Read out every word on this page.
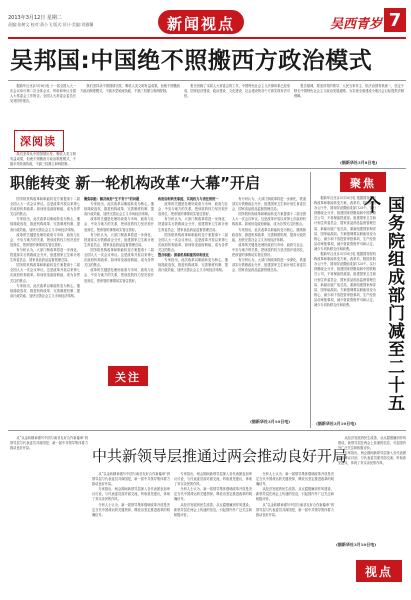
2013年3月12日 星期二
责编:张树文 校对:萧小飞 版式:设计·美编:刘雅馨	新闻视点	吴西青岁 7
吴邦国:中国绝不照搬西方政治模式

据新华社北京3月8日电 十一届全国人大一次会议举行第二次全体会议，听取和审议全国人大常委会工作报告。全国人大常委会委员长吴邦国作报告。

深阅读

我们坚持从中国国情出发，吸收人类文明有益成果，但绝不照搬西方政治制度模式，不搞多党轮流执政，不搞三权鼎立和两院制。

我们坚持从中国国情出发，吸收人类文明有益成果，但绝不照搬西方政治制度模式，不搞多党轮流执政，不搞三权鼎立和两院制。

报告回顾了本届人大常委会的工作，中国特色社会主义法律体系已经形成，国家经济建设、政治建设、文化建设、社会建设的各个方面实现有法可依。

报告强调，要坚持党的领导、人民当家作主、依法治国有机统一，坚定不移走中国特色社会主义政治发展道路，为实现全面建成小康社会目标提供法制保障。

(据新华社3月8日电)
职能转变 新一轮机构改革“大幕”开启

国务院机构改革和职能转变方案提请十二届全国人大一次会议审议。这是改革开放以来第七次政府机构改革。如何转变政府职能，成为各界关注的焦点。

专家指出，此次改革以职能转变为核心，继续简政放权、推进机构改革、完善制度机制、提高行政效能，加快完善社会主义市场经济体制。

改革的关键是处理好政府与市场、政府与社会、中央与地方的关系，把该放的权力坚决放开放到位，把该管的事情切实管住管好。

有分析认为，大部门制改革将进一步深化，铁道部实行铁路政企分开，组建国家卫生和计划生育委员会、国家食品药品监督管理总局。

国务院机构改革和职能转变方案提请十二届全国人大一次会议审议。这是改革开放以来第七次政府机构改革。如何转变政府职能，成为各界关注的焦点。

专家指出，此次改革以职能转变为核心，继续简政放权、推进机构改革、完善制度机制、提高行政效能，加快完善社会主义市场经济体制。

聚焦职能：解决政府“生不肯干”的问题

专家指出，此次改革以职能转变为核心，继续简政放权、推进机构改革、完善制度机制、提高行政效能，加快完善社会主义市场经济体制。

改革的关键是处理好政府与市场、政府与社会、中央与地方的关系，把该放的权力坚决放开放到位，把该管的事情切实管住管好。

有分析认为，大部门制改革将进一步深化，铁道部实行铁路政企分开，组建国家卫生和计划生育委员会、国家食品药品监督管理总局。

国务院机构改革和职能转变方案提请十二届全国人大一次会议审议。这是改革开放以来第七次政府机构改革。如何转变政府职能，成为各界关注的焦点。

改革的关键是处理好政府与市场、政府与社会、中央与地方的关系，把该放的权力坚决放开放到位，把该管的事情切实管住管好。

政府如何转变职能，实现权力与责任相统一

改革的关键是处理好政府与市场、政府与社会、中央与地方的关系，把该放的权力坚决放开放到位，把该管的事情切实管住管好。

有分析认为，大部门制改革将进一步深化，铁道部实行铁路政企分开，组建国家卫生和计划生育委员会、国家食品药品监督管理总局。

国务院机构改革和职能转变方案提请十二届全国人大一次会议审议。这是改革开放以来第七次政府机构改革。如何转变政府职能，成为各界关注的焦点。

整合职能：探索机构职能的结构优化

专家指出，此次改革以职能转变为核心，继续简政放权、推进机构改革、完善制度机制、提高行政效能，加快完善社会主义市场经济体制。

有分析认为，大部门制改革将进一步深化，铁道部实行铁路政企分开，组建国家卫生和计划生育委员会、国家食品药品监督管理总局。

国务院机构改革和职能转变方案提请十二届全国人大一次会议审议。这是改革开放以来第七次政府机构改革。如何转变政府职能，成为各界关注的焦点。

专家指出，此次改革以职能转变为核心，继续简政放权、推进机构改革、完善制度机制、提高行政效能，加快完善社会主义市场经济体制。

改革的关键是处理好政府与市场、政府与社会、中央与地方的关系，把该放的权力坚决放开放到位，把该管的事情切实管住管好。

有分析认为，大部门制改革将进一步深化，铁道部实行铁路政企分开，组建国家卫生和计划生育委员会、国家食品药品监督管理总局。

(据新华社3月10日电)
关注
聚焦

据新华社北京3月10日电 根据国务院机构改革和职能转变方案，改革后，除国务院办公厅外，国务院设置组成部门25个。实行铁路政企分开，组建国家铁路局和中国铁路总公司，不再保留铁道部。组建国家卫生和计划生育委员会、国家食品药品监督管理总局、新闻出版广电总局，重新组建国家海洋局、国家能源局。方案强调要以职能转变为核心，减少和下放投资审批事项、生产经营活动审批事项，减少资质资格许可和认定，减少专项转移支付和收费。

据新华社北京3月10日电 根据国务院机构改革和职能转变方案，改革后，除国务院办公厅外，国务院设置组成部门25个。实行铁路政企分开，组建国家铁路局和中国铁路总公司，不再保留铁道部。组建国家卫生和计划生育委员会、国家食品药品监督管理总局、新闻出版广电总局，重新组建国家海洋局、国家能源局。方案强调要以职能转变为核心，减少和下放投资审批事项、生产经营活动审批事项，减少资质资格许可和认定，减少专项转移支付和收费。	国务院组成部门减至二十五个
(据新华社3月10日电)

从“以金砖精神谱写中国与南非友好合作新篇章”到领导层与代表委员共商国是，新一届中共领导集体着力推动良好开局。	中共新领导层推通过两会推动良好开局

从“以金砖精神谱写中国与南非友好合作新篇章”到领导层与代表委员共商国是，新一届中共领导集体着力推动良好开局。

专家指出，两会期间新领导层深入各代表团参加审议讨论，与代表委员面对面交流，听取意见建议，体现了务实亲民的作风。

分析人士认为，新一届领导集体强调改革开放是决定当代中国命运的关键抉择，释放出坚定推进改革的明确信号。

专家指出，两会期间新领导层深入各代表团参加审议讨论，与代表委员面对面交流，听取意见建议，体现了务实亲民的作风。

分析人士认为，新一届领导集体强调改革开放是决定当代中国命运的关键抉择，释放出坚定推进改革的明确信号。

从经济发展到民生改善，从反腐倡廉到作风建设，新领导层在两会上传递的信息，引起国内外广泛关注和积极评价。

分析人士认为，新一届领导集体强调改革开放是决定当代中国命运的关键抉择，释放出坚定推进改革的明确信号。

从经济发展到民生改善，从反腐倡廉到作风建设，新领导层在两会上传递的信息，引起国内外广泛关注和积极评价。

从“以金砖精神谱写中国与南非友好合作新篇章”到领导层与代表委员共商国是，新一届中共领导集体着力推动良好开局。

从经济发展到民生改善，从反腐倡廉到作风建设，新领导层在两会上传递的信息，引起国内外广泛关注和积极评价。

专家指出，两会期间新领导层深入各代表团参加审议讨论，与代表委员面对面交流，听取意见建议，体现了务实亲民的作风。

(据新华社3月10日电)
视点
